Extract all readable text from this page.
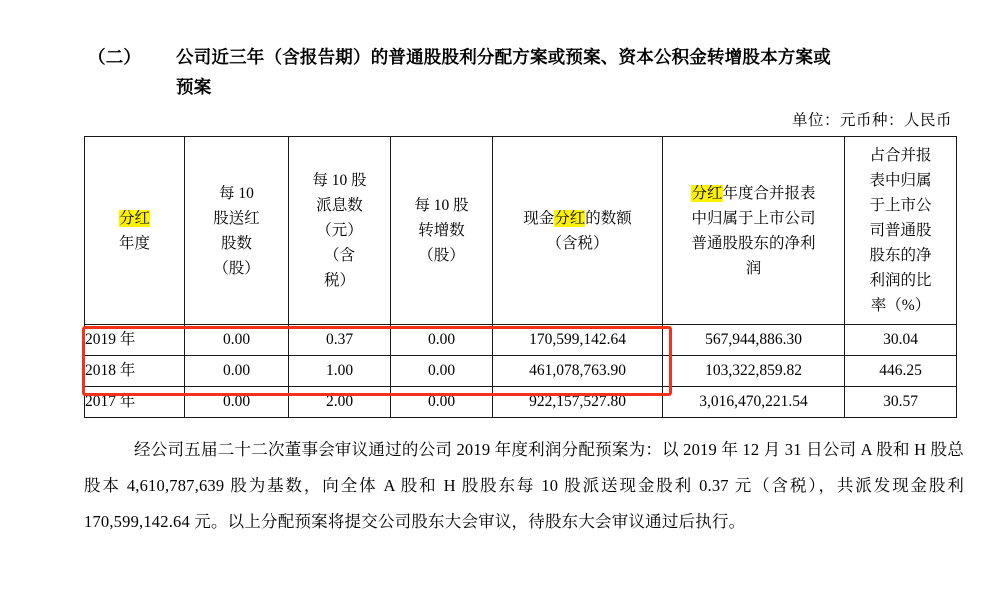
（二） 公司近三年（含报告期）的普通股股利分配方案或预案、资本公积金转增股本方案或
预案
单位：元币种：人民币
分红
年度

每 10
股送红
股数
（股）

每 10 股
派息数
（元）
（含
税）

每 10 股
转增数
（股）

现金分红的数额
（含税）

分红年度合并报表
中归属于上市公司
普通股股东的净利
润

占合并报
表中归属
于上市公
司普通股
股东的净
利润的比
率（%）

2019 年	0.00	0.37	0.00	170,599,142.64	567,944,886.30	30.04
2018 年	0.00	1.00	0.00	461,078,763.90	103,322,859.82	446.25
2017 年	0.00	2.00	0.00	922,157,527.80	3,016,470,221.54	30.57
经公司五届二十二次董事会审议通过的公司 2019 年度利润分配预案为：以 2019 年 12 月 31 日公司 A 股和 H 股总股本 4,610,787,639 股为基数，向全体 A 股和 H 股股东每 10 股派送现金股利 0.37 元（含税），共派发现金股利 170,599,142.64 元。以上分配预案将提交公司股东大会审议，待股东大会审议通过后执行。
